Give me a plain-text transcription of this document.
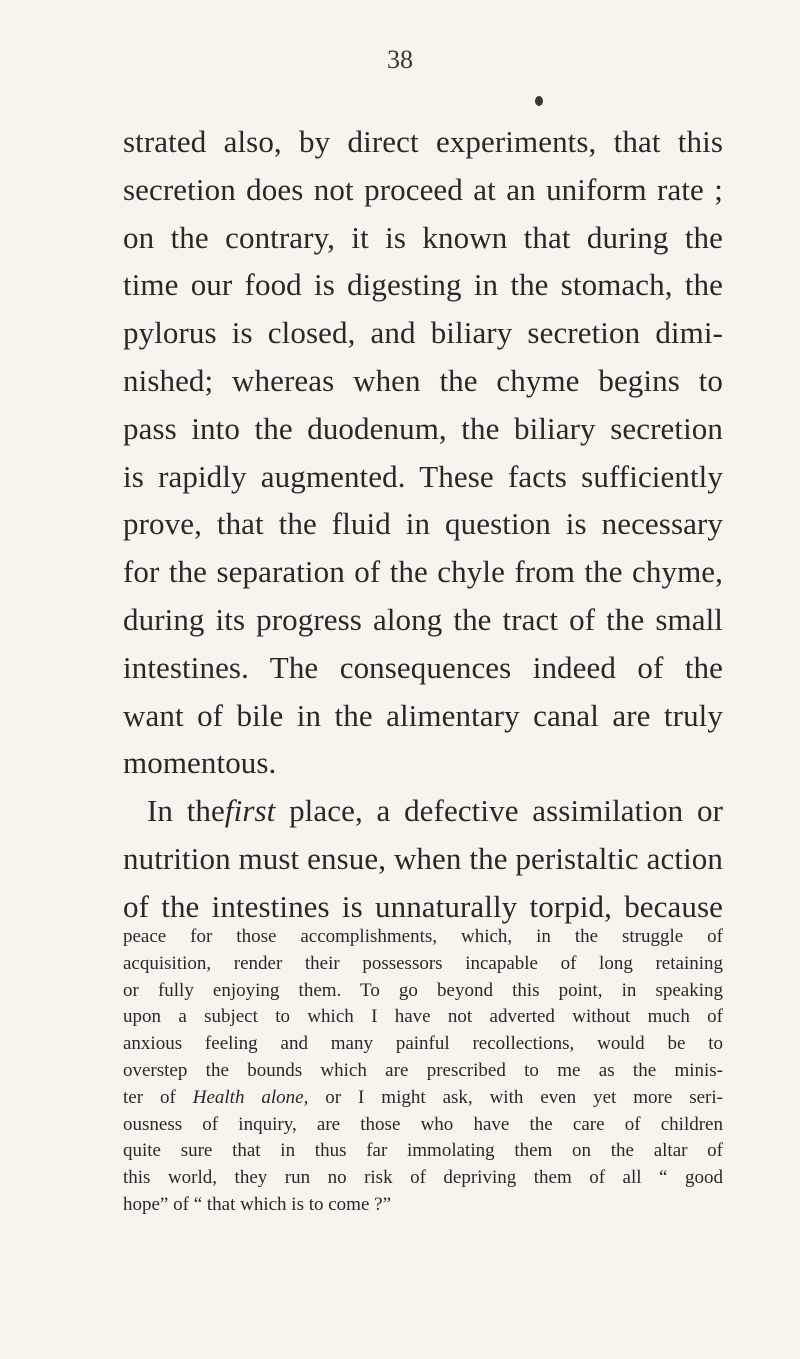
38
strated also, by direct experiments, that this
secretion does not proceed at an uniform rate ;
on the contrary, it is known that during the
time our food is digesting in the stomach, the
pylorus is closed, and biliary secretion dimi-
nished; whereas when the chyme begins to
pass into the duodenum, the biliary secretion
is rapidly augmented. These facts sufficiently
prove, that the fluid in question is necessary
for the separation of the chyle from the chyme,
during its progress along the tract of the small
intestines. The consequences indeed of the
want of bile in the alimentary canal are truly
momentous.
In thefirst place, a defective assimilation or
nutrition must ensue, when the peristaltic action
of the intestines is unnaturally torpid, because
peace for those accomplishments, which, in the struggle of
acquisition, render their possessors incapable of long retaining
or fully enjoying them. To go beyond this point, in speaking
upon a subject to which I have not adverted without much of
anxious feeling and many painful recollections, would be to
overstep the bounds which are prescribed to me as the minis-
ter of Health alone, or I might ask, with even yet more seri-
ousness of inquiry, are those who have the care of children
quite sure that in thus far immolating them on the altar of
this world, they run no risk of depriving them of all “ good
hope” of “ that which is to come ?”
